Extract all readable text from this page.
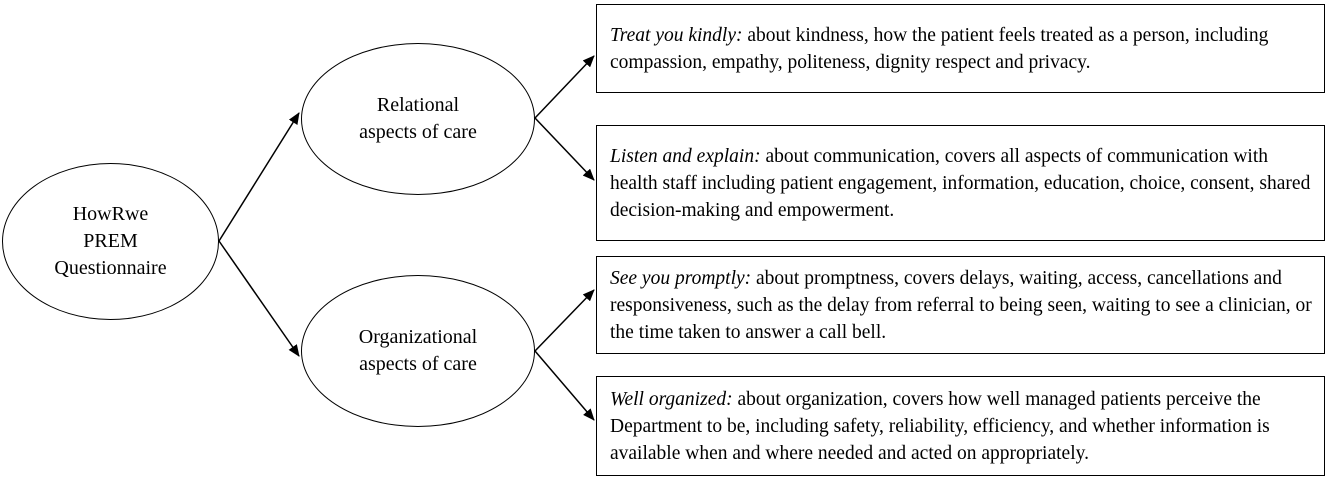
HowRwe
PREM
Questionnaire
Relational
aspects of care
Organizational
aspects of care

Treat you kindly: about kindness, how the patient feels treated as a person, including compassion, empathy, politeness, dignity respect and privacy.

Listen and explain: about communication, covers all aspects of communication with health staff including patient engagement, information, education, choice, consent, shared decision-making and empowerment.

See you promptly: about promptness, covers delays, waiting, access, cancellations and responsiveness, such as the delay from referral to being seen, waiting to see a clinician, or the time taken to answer a call bell.

Well organized: about organization, covers how well managed patients perceive the Department to be, including safety, reliability, efficiency, and whether information is available when and where needed and acted on appropriately.
